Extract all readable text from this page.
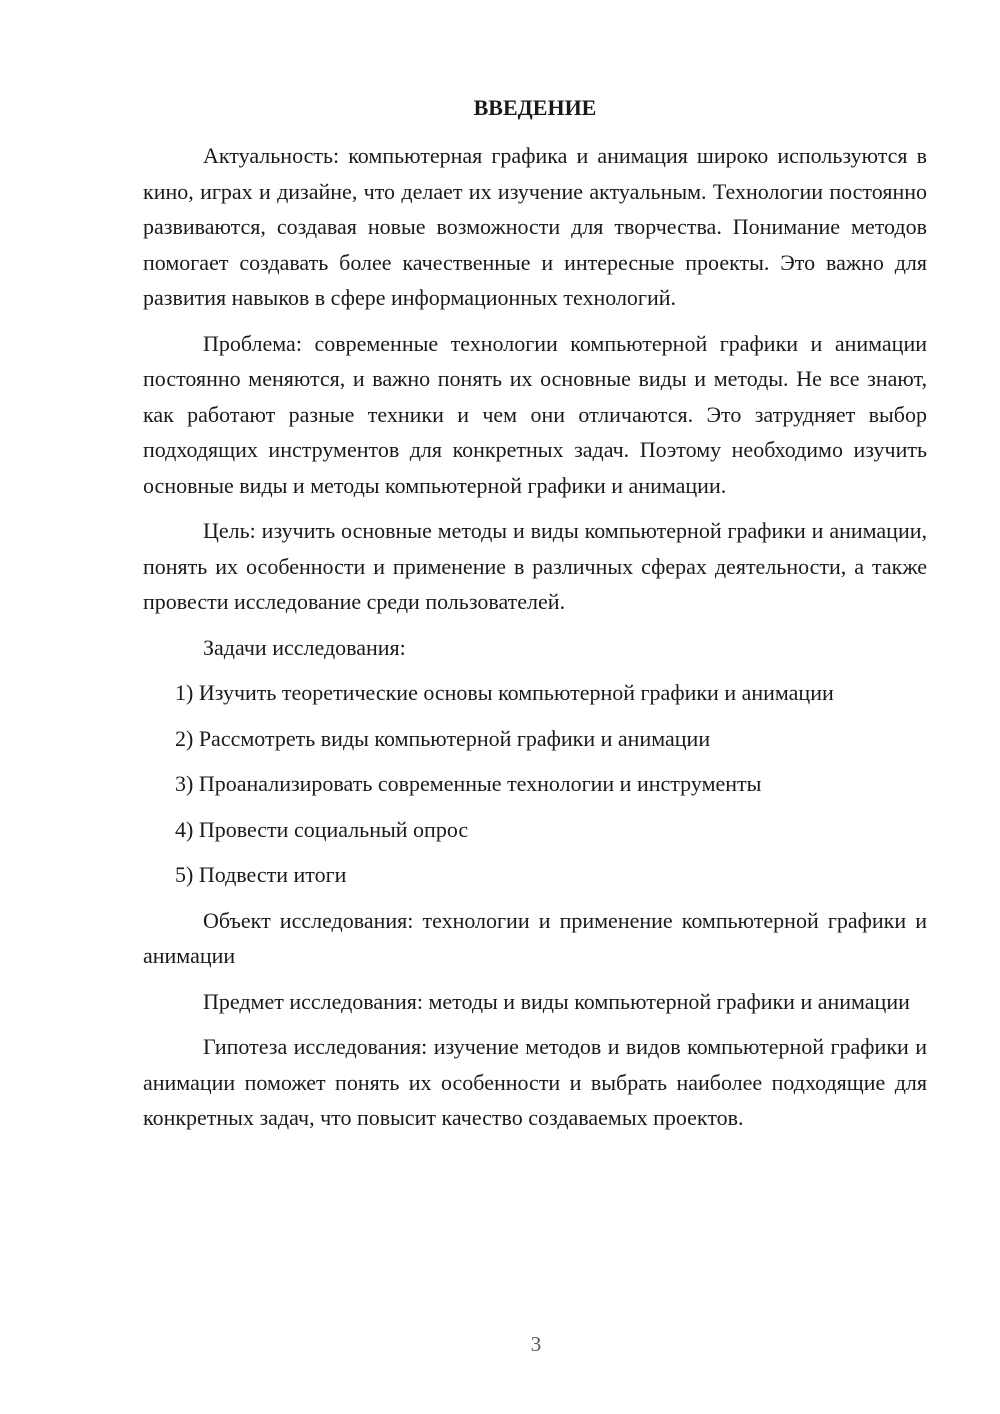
ВВЕДЕНИЕ

Актуальность: компьютерная графика и анимация широко используются в кино, играх и дизайне, что делает их изучение актуальным. Технологии постоянно развиваются, создавая новые возможности для творчества. Понимание методов помогает создавать более качественные и интересные проекты. Это важно для развития навыков в сфере информационных технологий.

Проблема: современные технологии компьютерной графики и анимации постоянно меняются, и важно понять их основные виды и методы. Не все знают, как работают разные техники и чем они отличаются. Это затрудняет выбор подходящих инструментов для конкретных задач. Поэтому необходимо изучить основные виды и методы компьютерной графики и анимации.

Цель: изучить основные методы и виды компьютерной графики и анимации, понять их особенности и применение в различных сферах деятельности, а также провести исследование среди пользователей.

Задачи исследования:

1) Изучить теоретические основы компьютерной графики и анимации

2) Рассмотреть виды компьютерной графики и анимации

3) Проанализировать современные технологии и инструменты

4) Провести социальный опрос

5) Подвести итоги

Объект исследования: технологии и применение компьютерной графики и анимации

Предмет исследования: методы и виды компьютерной графики и анимации

Гипотеза исследования: изучение методов и видов компьютерной графики и анимации поможет понять их особенности и выбрать наиболее подходящие для конкретных задач, что повысит качество создаваемых проектов.

3
